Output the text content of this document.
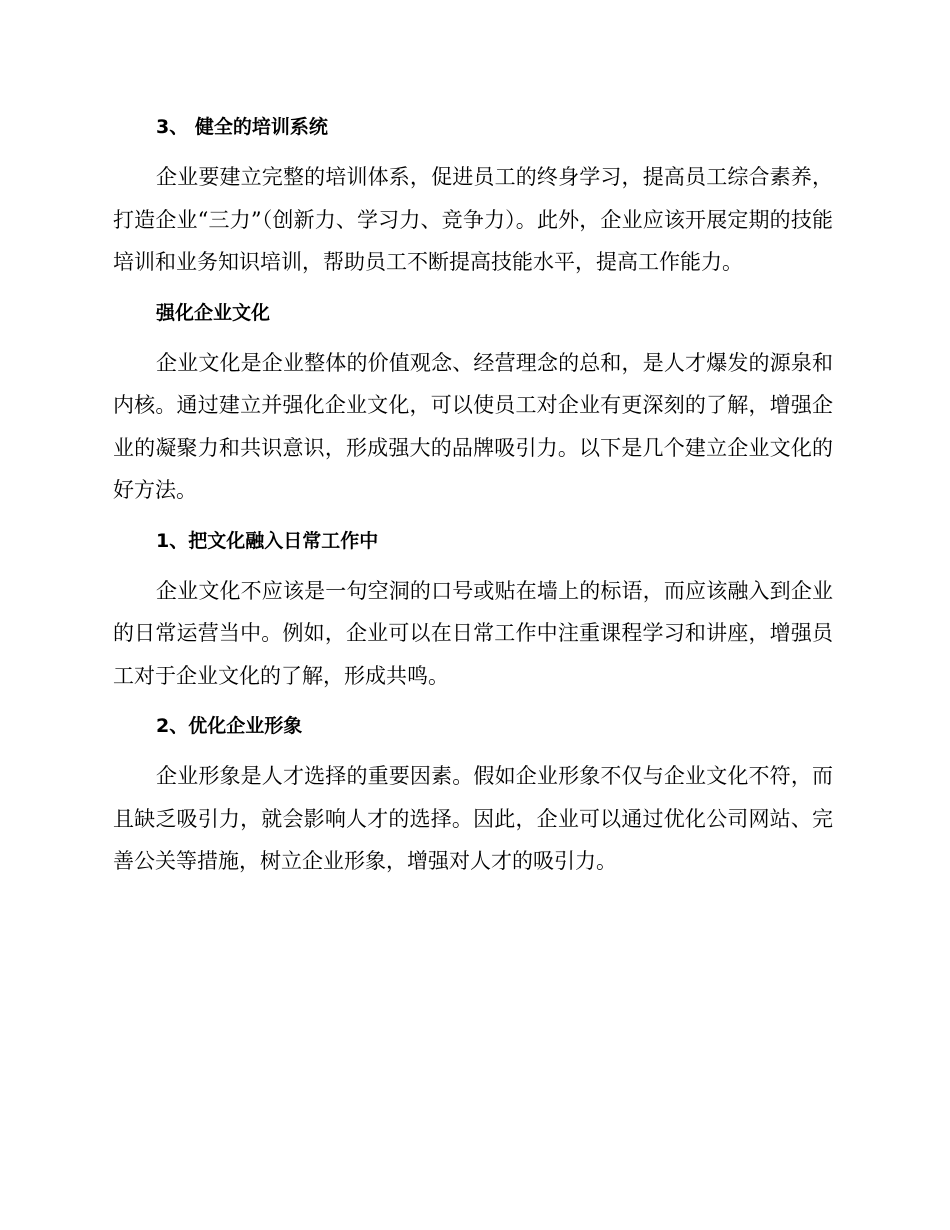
3、 健全的培训系统

企业要建立完整的培训体系，促进员工的终身学习，提高员工综合素养，打造企业“三力”（创新力、学习力、竞争力）。此外，企业应该开展定期的技能培训和业务知识培训，帮助员工不断提高技能水平，提高工作能力。

强化企业文化

企业文化是企业整体的价值观念、经营理念的总和，是人才爆发的源泉和内核。通过建立并强化企业文化，可以使员工对企业有更深刻的了解，增强企业的凝聚力和共识意识，形成强大的品牌吸引力。以下是几个建立企业文化的好方法。

1、把文化融入日常工作中

企业文化不应该是一句空洞的口号或贴在墙上的标语，而应该融入到企业的日常运营当中。例如，企业可以在日常工作中注重课程学习和讲座，增强员工对于企业文化的了解，形成共鸣。

2、优化企业形象

企业形象是人才选择的重要因素。假如企业形象不仅与企业文化不符，而且缺乏吸引力，就会影响人才的选择。因此，企业可以通过优化公司网站、完善公关等措施，树立企业形象，增强对人才的吸引力。
